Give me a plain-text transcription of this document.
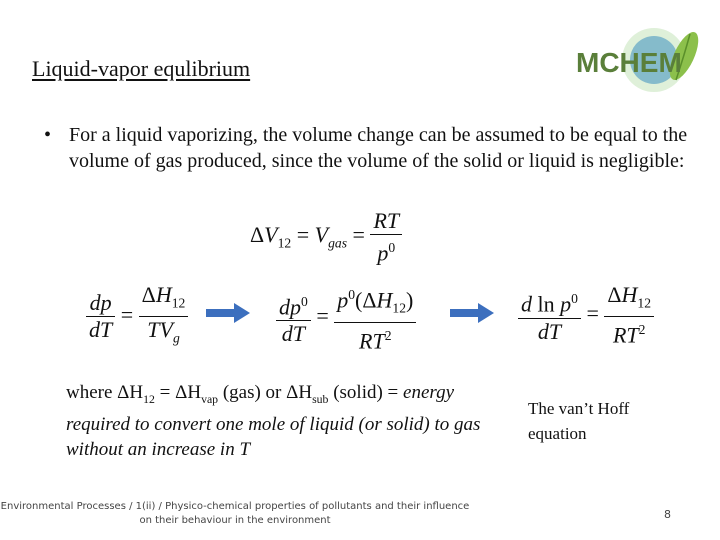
Liquid-vapor equlibrium	MCHEM
• For a liquid vaporizing, the volume change can be assumed to be equal to the volume of gas produced, since the volume of the solid or liquid is negligible:
$\Delta V_{12} = V_{gas} = \frac{RT}{p^0}$
$\frac{dp}{dT} = \frac{\Delta H_{12}}{TV_g}$	$\frac{dp^0}{dT} = \frac{p^0(\Delta H_{12})}{RT^2}$	$\frac{d \ln p^0}{dT} = \frac{\Delta H_{12}}{RT^2}$
where $\Delta H_{12} = \Delta H_{vap}$ (gas) or $\Delta H_{sub}$ (solid) = energy required to convert one mole of liquid (or solid) to gas without an increase in T
The van’t Hoff
equation
Environmental Processes / 1(ii) / Physico-chemical properties of pollutants and their influence
on their behaviour in the environment	8
